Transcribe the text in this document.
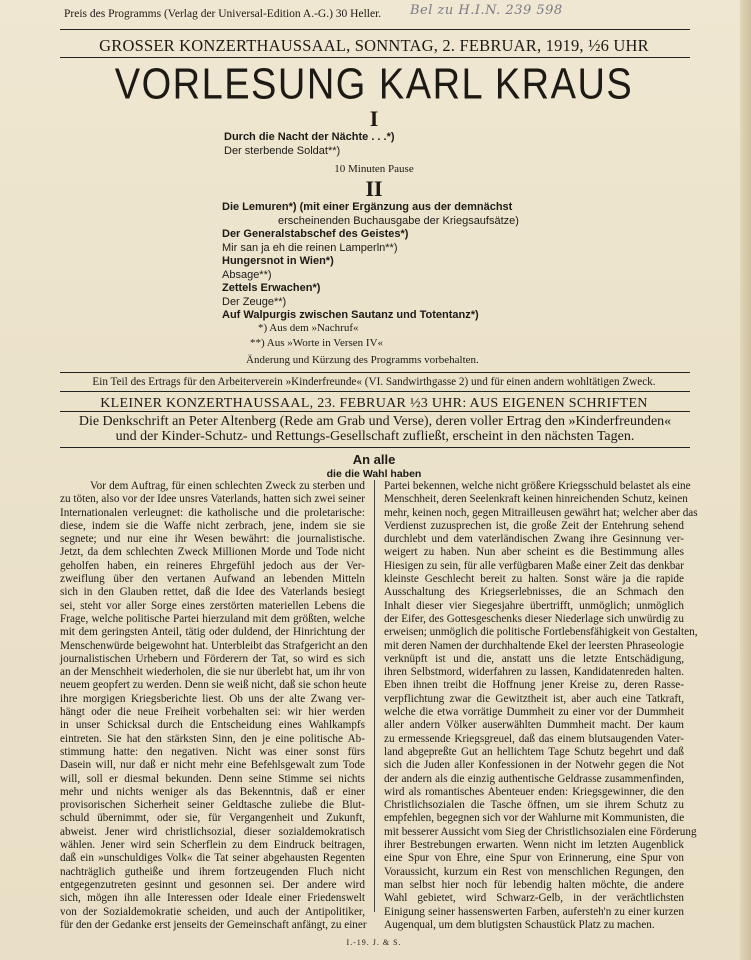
Preis des Programms (Verlag der Universal-Edition A.-G.) 30 Heller. Bel zu H.I.N. 239 598
GROSSER KONZERTHAUSSAAL, SONNTAG, 2. FEBRUAR, 1919, ½6 UHR
VORLESUNG KARL KRAUS
I
Durch die Nacht der Nächte . . .*)
Der sterbende Soldat**)
10 Minuten Pause
II
Die Lemuren*) (mit einer Ergänzung aus der demnächst
erscheinenden Buchausgabe der Kriegsaufsätze)
Der Generalstabschef des Geistes*)
Mir san ja eh die reinen Lamperln**)
Hungersnot in Wien*)
Absage**)
Zettels Erwachen*)
Der Zeuge**)
Auf Walpurgis zwischen Sautanz und Totentanz*)
*) Aus dem »Nachruf«
**) Aus »Worte in Versen IV«
Änderung und Kürzung des Programms vorbehalten.
Ein Teil des Ertrags für den Arbeiterverein »Kinderfreunde« (VI. Sandwirthgasse 2) und für einen andern wohltätigen Zweck.
KLEINER KONZERTHAUSSAAL, 23. FEBRUAR ½3 UHR: AUS EIGENEN SCHRIFTEN
Die Denkschrift an Peter Altenberg (Rede am Grab und Verse), deren voller Ertrag den »Kinderfreunden«
und der Kinder-Schutz- und Rettungs-Gesellschaft zufließt, erscheint in den nächsten Tagen.
An alle
die die Wahl haben
Vor dem Auftrag, für einen schlechten Zweck zu sterben und
zu töten, also vor der Idee unsres Vaterlands, hatten sich zwei seiner
Internationalen verleugnet: die katholische und die proletarische:
diese, indem sie die Waffe nicht zerbrach, jene, indem sie sie
segnete; und nur eine ihr Wesen bewährt: die journalistische.
Jetzt, da dem schlechten Zweck Millionen Morde und Tode nicht
geholfen haben, ein reineres Ehrgefühl jedoch aus der Ver-
zweiflung über den vertanen Aufwand an lebenden Mitteln
sich in den Glauben rettet, daß die Idee des Vaterlands besiegt
sei, steht vor aller Sorge eines zerstörten materiellen Lebens die
Frage, welche politische Partei hierzuland mit dem größten, welche
mit dem geringsten Anteil, tätig oder duldend, der Hinrichtung der
Menschenwürde beigewohnt hat. Unterbleibt das Strafgericht an den
journalistischen Urhebern und Förderern der Tat, so wird es sich
an der Menschheit wiederholen, die sie nur überlebt hat, um ihr von
neuem geopfert zu werden. Denn sie weiß nicht, daß sie schon heute
ihre morgigen Kriegsberichte liest. Ob uns der alte Zwang ver-
hängt oder die neue Freiheit vorbehalten sei: wir hier werden
in unser Schicksal durch die Entscheidung eines Wahlkampfs
eintreten. Sie hat den stärksten Sinn, den je eine politische Ab-
stimmung hatte: den negativen. Nicht was einer sonst fürs
Dasein will, nur daß er nicht mehr eine Befehlsgewalt zum Tode
will, soll er diesmal bekunden. Denn seine Stimme sei nichts
mehr und nichts weniger als das Bekenntnis, daß er einer
provisorischen Sicherheit seiner Geldtasche zuliebe die Blut-
schuld übernimmt, oder sie, für Vergangenheit und Zukunft,
abweist. Jener wird christlichsozial, dieser sozialdemokratisch
wählen. Jener wird sein Scherflein zu dem Eindruck beitragen,
daß ein »unschuldiges Volk« die Tat seiner abgehausten Regenten
nachträglich gutheiße und ihrem fortzeugenden Fluch nicht
entgegenzutreten gesinnt und gesonnen sei. Der andere wird
sich, mögen ihn alle Interessen oder Ideale einer Friedenswelt
von der Sozialdemokratie scheiden, und auch der Antipolitiker,
für den der Gedanke erst jenseits der Gemeinschaft anfängt, zu einer
Partei bekennen, welche nicht größere Kriegsschuld belastet als eine
Menschheit, deren Seelenkraft keinen hinreichenden Schutz, keinen
mehr, keinen noch, gegen Mitrailleusen gewährt hat; welcher aber das
Verdienst zuzusprechen ist, die große Zeit der Entehrung sehend
durchlebt und dem vaterländischen Zwang ihre Gesinnung ver-
weigert zu haben. Nun aber scheint es die Bestimmung alles
Hiesigen zu sein, für alle verfügbaren Maße einer Zeit das denkbar
kleinste Geschlecht bereit zu halten. Sonst wäre ja die rapide
Ausschaltung des Kriegserlebnisses, die an Schmach den
Inhalt dieser vier Siegesjahre übertrifft, unmöglich; unmöglich
der Eifer, des Gottesgeschenks dieser Niederlage sich unwürdig zu
erweisen; unmöglich die politische Fortlebensfähigkeit von Gestalten,
mit deren Namen der durchhaltende Ekel der leersten Phraseologie
verknüpft ist und die, anstatt uns die letzte Entschädigung,
ihren Selbstmord, widerfahren zu lassen, Kandidatenreden halten.
Eben ihnen treibt die Hoffnung jener Kreise zu, deren Rasse-
verpflichtung zwar die Gewitztheit ist, aber auch eine Tatkraft,
welche die etwa vorrätige Dummheit zu einer vor der Dummheit
aller andern Völker auserwählten Dummheit macht. Der kaum
zu ermessende Kriegsgreuel, daß das einem blutsaugenden Vater-
land abgepreßte Gut an hellichtem Tage Schutz begehrt und daß
sich die Juden aller Konfessionen in der Notwehr gegen die Not
der andern als die einzig authentische Geldrasse zusammenfinden,
wird als romantisches Abenteuer enden: Kriegsgewinner, die den
Christlichsozialen die Tasche öffnen, um sie ihrem Schutz zu
empfehlen, begegnen sich vor der Wahlurne mit Kommunisten, die
mit besserer Aussicht vom Sieg der Christlichsozialen eine Förderung
ihrer Bestrebungen erwarten. Wenn nicht im letzten Augenblick
eine Spur von Ehre, eine Spur von Erinnerung, eine Spur von
Voraussicht, kurzum ein Rest von menschlichen Regungen, den
man selbst hier noch für lebendig halten möchte, die andere
Wahl gebietet, wird Schwarz-Gelb, in der verächtlichsten
Einigung seiner hassenswerten Farben, aufersteh'n zu einer kurzen
Augenqual, um dem blutigsten Schaustück Platz zu machen.
I.-19. J. & S.
